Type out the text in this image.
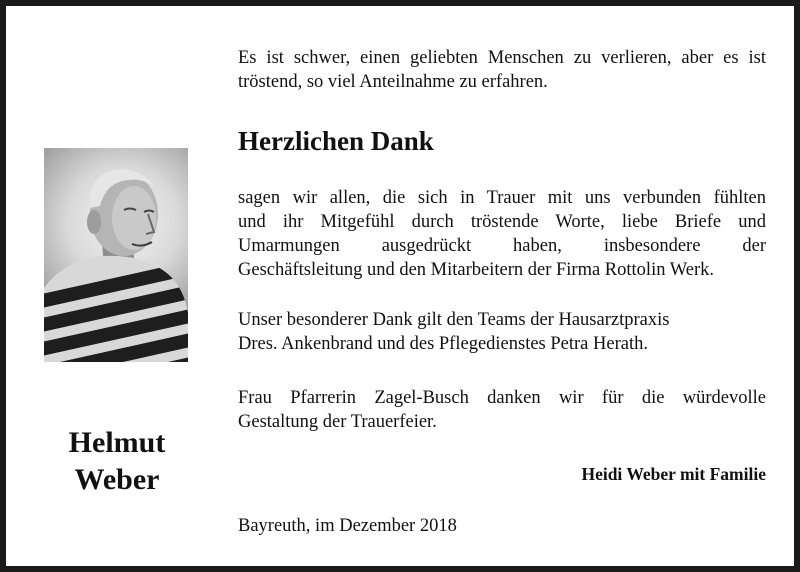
Helmut
Weber
Es ist schwer, einen geliebten Menschen zu verlieren, aber es ist
tröstend, so viel Anteilnahme zu erfahren.
Herzlichen Dank
sagen wir allen, die sich in Trauer mit uns verbunden fühlten
und ihr Mitgefühl durch tröstende Worte, liebe Briefe und
Umarmungen ausgedrückt haben, insbesondere der
Geschäftsleitung und den Mitarbeitern der Firma Rottolin Werk.
Unser besonderer Dank gilt den Teams der Hausarztpraxis
Dres. Ankenbrand und des Pflegedienstes Petra Herath.
Frau Pfarrerin Zagel-Busch danken wir für die würdevolle
Gestaltung der Trauerfeier.
Heidi Weber mit Familie
Bayreuth, im Dezember 2018
